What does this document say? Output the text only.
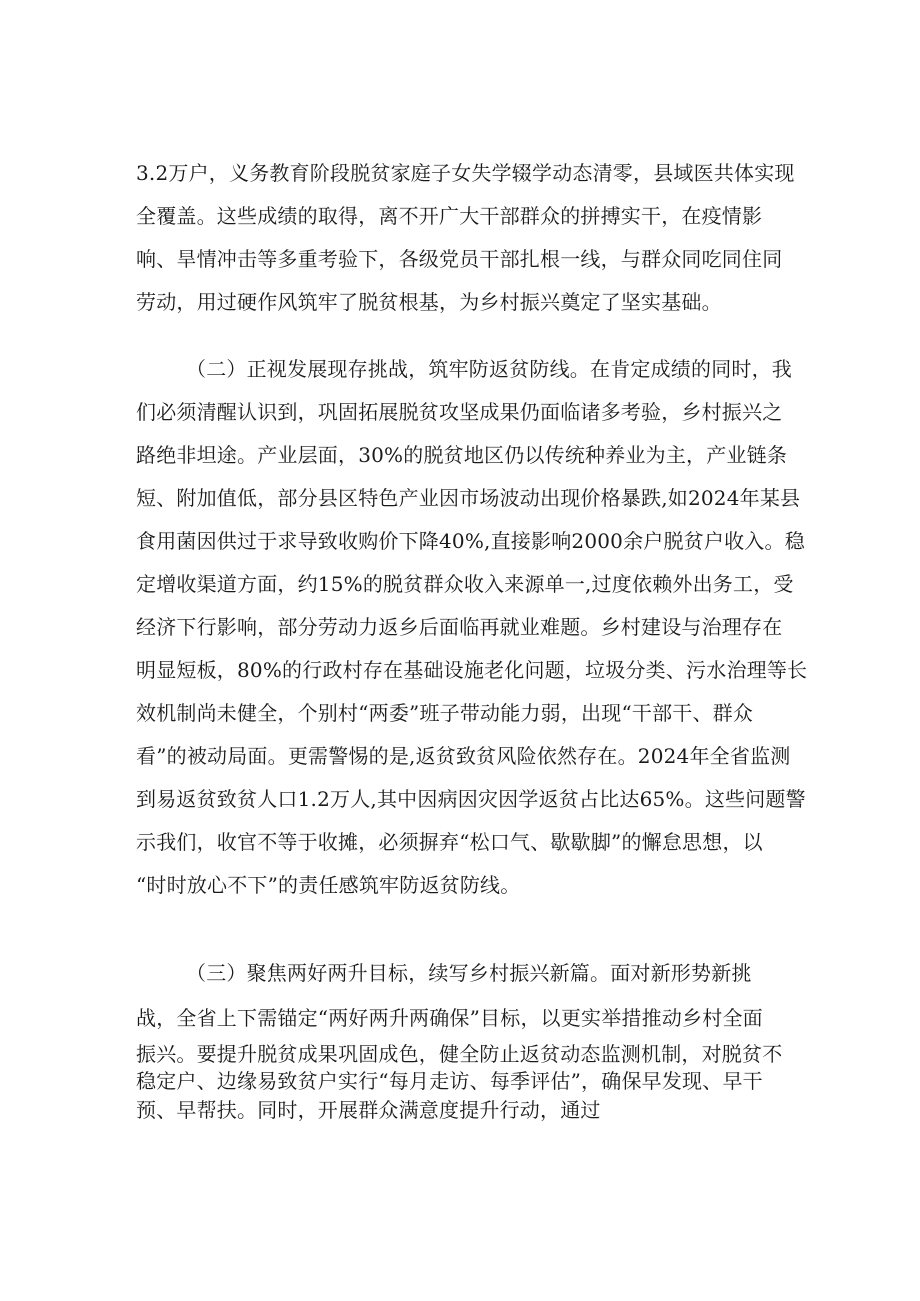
3.2万户，义务教育阶段脱贫家庭子女失学辍学动态清零，县域医共体实现
全覆盖。这些成绩的取得，离不开广大干部群众的拼搏实干，在疫情影
响、旱情冲击等多重考验下，各级党员干部扎根一线，与群众同吃同住同
劳动，用过硬作风筑牢了脱贫根基，为乡村振兴奠定了坚实基础。
（二）正视发展现存挑战，筑牢防返贫防线。在肯定成绩的同时，我
们必须清醒认识到，巩固拓展脱贫攻坚成果仍面临诸多考验，乡村振兴之
路绝非坦途。产业层面，30%的脱贫地区仍以传统种养业为主，产业链条
短、附加值低，部分县区特色产业因市场波动出现价格暴跌,如2024年某县
食用菌因供过于求导致收购价下降40%,直接影响2000余户脱贫户收入。稳
定增收渠道方面，约15%的脱贫群众收入来源单一,过度依赖外出务工，受
经济下行影响，部分劳动力返乡后面临再就业难题。乡村建设与治理存在
明显短板，80%的行政村存在基础设施老化问题，垃圾分类、污水治理等长
效机制尚未健全，个别村“两委”班子带动能力弱，出现“干部干、群众
看”的被动局面。更需警惕的是,返贫致贫风险依然存在。2024年全省监测
到易返贫致贫人口1.2万人,其中因病因灾因学返贫占比达65%。这些问题警
示我们，收官不等于收摊，必须摒弃“松口气、歇歇脚”的懈怠思想，以
“时时放心不下”的责任感筑牢防返贫防线。
（三）聚焦两好两升目标，续写乡村振兴新篇。面对新形势新挑
战，全省上下需锚定“两好两升两确保”目标，以更实举措推动乡村全面
振兴。要提升脱贫成果巩固成色，健全防止返贫动态监测机制，对脱贫不
稳定户、边缘易致贫户实行“每月走访、每季评估”，确保早发现、早干
预、早帮扶。同时，开展群众满意度提升行动，通过
